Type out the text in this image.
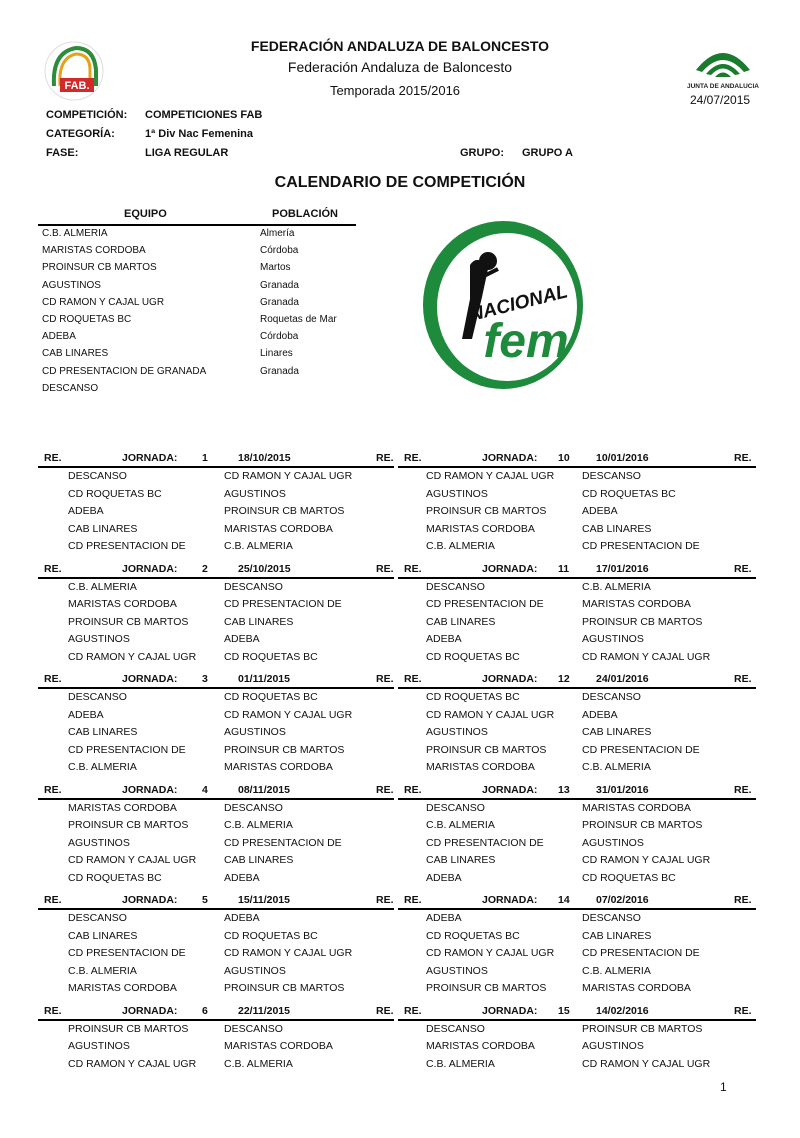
FAB.	JUNTA DE ANDALUCIA
FEDERACIÓN ANDALUZA DE BALONCESTO
Federación Andaluza de Baloncesto
Temporada 2015/2016
24/07/2015
COMPETICIÓN: COMPETICIONES FAB
CATEGORÍA:	1ª Div Nac Femenina
FASE:	LIGA REGULAR	GRUPO: GRUPO A
CALENDARIO DE COMPETICIÓN
EQUIPO	POBLACIÓN
C.B. ALMERIA	Almería
MARISTAS CORDOBA	Córdoba
PROINSUR CB MARTOS	Martos
AGUSTINOS	Granada
CD RAMON Y CAJAL UGR	Granada
CD ROQUETAS BC	Roquetas de Mar
ADEBA	Córdoba
CAB LINARES	Linares
CD PRESENTACION DE GRANADA	Granada
DESCANSO
NACIONAL
fem
RE.	JORNADA: 1	18/10/2015	RE.
DESCANSO	CD RAMON Y CAJAL UGR
CD ROQUETAS BC	AGUSTINOS
ADEBA	PROINSUR CB MARTOS
CAB LINARES	MARISTAS CORDOBA
CD PRESENTACION DE	C.B. ALMERIA
RE.	JORNADA: 2	25/10/2015	RE.
C.B. ALMERIA	DESCANSO
MARISTAS CORDOBA	CD PRESENTACION DE
PROINSUR CB MARTOS	CAB LINARES
AGUSTINOS	ADEBA
CD RAMON Y CAJAL UGR	CD ROQUETAS BC
RE.	JORNADA: 3	01/11/2015	RE.
DESCANSO	CD ROQUETAS BC
ADEBA	CD RAMON Y CAJAL UGR
CAB LINARES	AGUSTINOS
CD PRESENTACION DE	PROINSUR CB MARTOS
C.B. ALMERIA	MARISTAS CORDOBA
RE.	JORNADA: 4	08/11/2015	RE.
MARISTAS CORDOBA	DESCANSO
PROINSUR CB MARTOS	C.B. ALMERIA
AGUSTINOS	CD PRESENTACION DE
CD RAMON Y CAJAL UGR	CAB LINARES
CD ROQUETAS BC	ADEBA
RE.	JORNADA: 5	15/11/2015	RE.
DESCANSO	ADEBA
CAB LINARES	CD ROQUETAS BC
CD PRESENTACION DE	CD RAMON Y CAJAL UGR
C.B. ALMERIA	AGUSTINOS
MARISTAS CORDOBA	PROINSUR CB MARTOS
RE.	JORNADA: 6	22/11/2015	RE.
PROINSUR CB MARTOS	DESCANSO
AGUSTINOS	MARISTAS CORDOBA
CD RAMON Y CAJAL UGR	C.B. ALMERIA
RE.	JORNADA: 10	10/01/2016	RE.
CD RAMON Y CAJAL UGR	DESCANSO
AGUSTINOS	CD ROQUETAS BC
PROINSUR CB MARTOS	ADEBA
MARISTAS CORDOBA	CAB LINARES
C.B. ALMERIA	CD PRESENTACION DE
RE.	JORNADA: 11	17/01/2016	RE.
DESCANSO	C.B. ALMERIA
CD PRESENTACION DE	MARISTAS CORDOBA
CAB LINARES	PROINSUR CB MARTOS
ADEBA	AGUSTINOS
CD ROQUETAS BC	CD RAMON Y CAJAL UGR
RE.	JORNADA: 12	24/01/2016	RE.
CD ROQUETAS BC	DESCANSO
CD RAMON Y CAJAL UGR	ADEBA
AGUSTINOS	CAB LINARES
PROINSUR CB MARTOS	CD PRESENTACION DE
MARISTAS CORDOBA	C.B. ALMERIA
RE.	JORNADA: 13	31/01/2016	RE.
DESCANSO	MARISTAS CORDOBA
C.B. ALMERIA	PROINSUR CB MARTOS
CD PRESENTACION DE	AGUSTINOS
CAB LINARES	CD RAMON Y CAJAL UGR
ADEBA	CD ROQUETAS BC
RE.	JORNADA: 14	07/02/2016	RE.
ADEBA	DESCANSO
CD ROQUETAS BC	CAB LINARES
CD RAMON Y CAJAL UGR	CD PRESENTACION DE
AGUSTINOS	C.B. ALMERIA
PROINSUR CB MARTOS	MARISTAS CORDOBA
RE.	JORNADA: 15	14/02/2016	RE.
DESCANSO	PROINSUR CB MARTOS
MARISTAS CORDOBA	AGUSTINOS
C.B. ALMERIA	CD RAMON Y CAJAL UGR
1
